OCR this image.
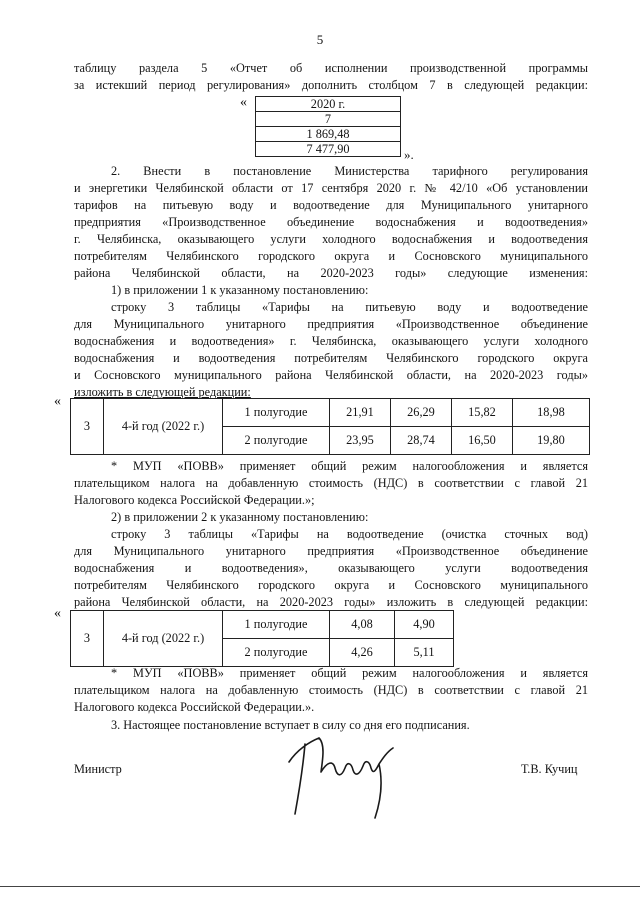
5

таблицу раздела 5 «Отчет об исполнении производственной программы

за истекший период регулирования» дополнить столбцом 7 в следующей редакции:

«	2020 г.
7
1 869,48
7 477,90	».

2. Внести в постановление Министерства тарифного регулирования

и энергетики Челябинской области от 17 сентября 2020 г. № 42/10 «Об установлении

тарифов на питьевую воду и водоотведение для Муниципального унитарного

предприятия «Производственное объединение водоснабжения и водоотведения»

г. Челябинска, оказывающего услуги холодного водоснабжения и водоотведения

потребителям Челябинского городского округа и Сосновского муниципального

района Челябинской области, на 2020-2023 годы» следующие изменения:

1) в приложении 1 к указанному постановлению:

строку 3 таблицы «Тарифы на питьевую воду и водоотведение

для Муниципального унитарного предприятия «Производственное объединение

водоснабжения и водоотведения» г. Челябинска, оказывающего услуги холодного

водоснабжения и водоотведения потребителям Челябинского городского округа

и Сосновского муниципального района Челябинской области, на 2020-2023 годы»

изложить в следующей редакции:

«
3	4-й год (2022 г.)	1 полугодие	21,91	26,29	15,82	18,98
		2 полугодие	23,95	28,74	16,50	19,80

* МУП «ПОВВ» применяет общий режим налогообложения и является

плательщиком налога на добавленную стоимость (НДС) в соответствии с главой 21

Налогового кодекса Российской Федерации.»;

2) в приложении 2 к указанному постановлению:

строку 3 таблицы «Тарифы на водоотведение (очистка сточных вод)

для Муниципального унитарного предприятия «Производственное объединение

водоснабжения и водоотведения», оказывающего услуги водоотведения

потребителям Челябинского городского округа и Сосновского муниципального

района Челябинской области, на 2020-2023 годы» изложить в следующей редакции:

«
3	4-й год (2022 г.)	1 полугодие	4,08	4,90
		2 полугодие	4,26	5,11

* МУП «ПОВВ» применяет общий режим налогообложения и является

плательщиком налога на добавленную стоимость (НДС) в соответствии с главой 21

Налогового кодекса Российской Федерации.».

3. Настоящее постановление вступает в силу со дня его подписания.

Министр	Т.В. Кучиц
